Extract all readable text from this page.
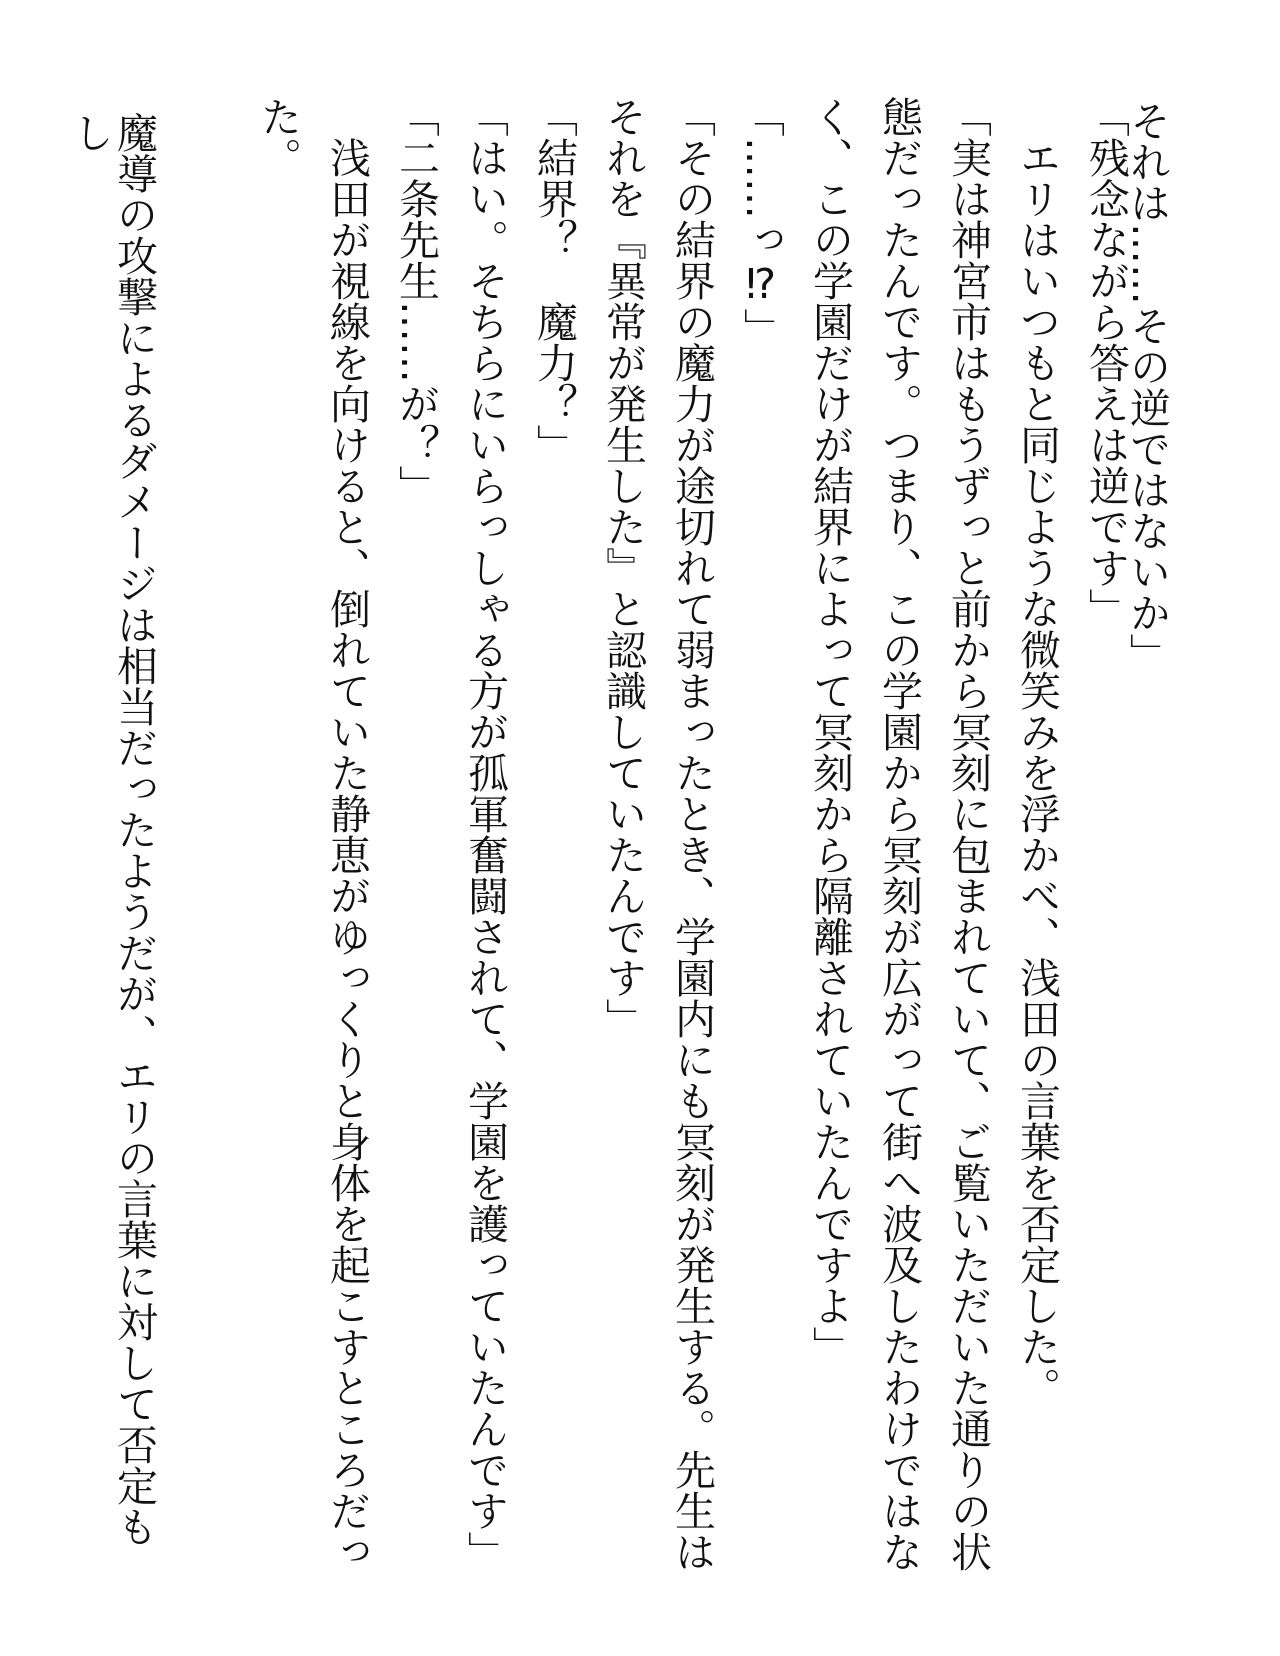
それは……その逆ではないか」
「残念ながら答えは逆です」
エリはいつもと同じような微笑みを浮かべ、浅田の言葉を否定した。
「実は神宮市はもうずっと前から冥刻に包まれていて、ご覧いただいた通りの状態だったんです。つまり、この学園から冥刻が広がって街へ波及したわけではなく、この学園だけが結界によって冥刻から隔離されていたんですよ」
「……っ⁉」
「その結界の魔力が途切れて弱まったとき、学園内にも冥刻が発生する。先生はそれを『異常が発生した』と認識していたんです」
「結界？　魔力？」
「はい。そちらにいらっしゃる方が孤軍奮闘されて、学園を護っていたんです」
「二条先生……が？」
浅田が視線を向けると、倒れていた静恵がゆっくりと身体を起こすところだった。
魔導の攻撃によるダメージは相当だったようだが、エリの言葉に対して否定もし
